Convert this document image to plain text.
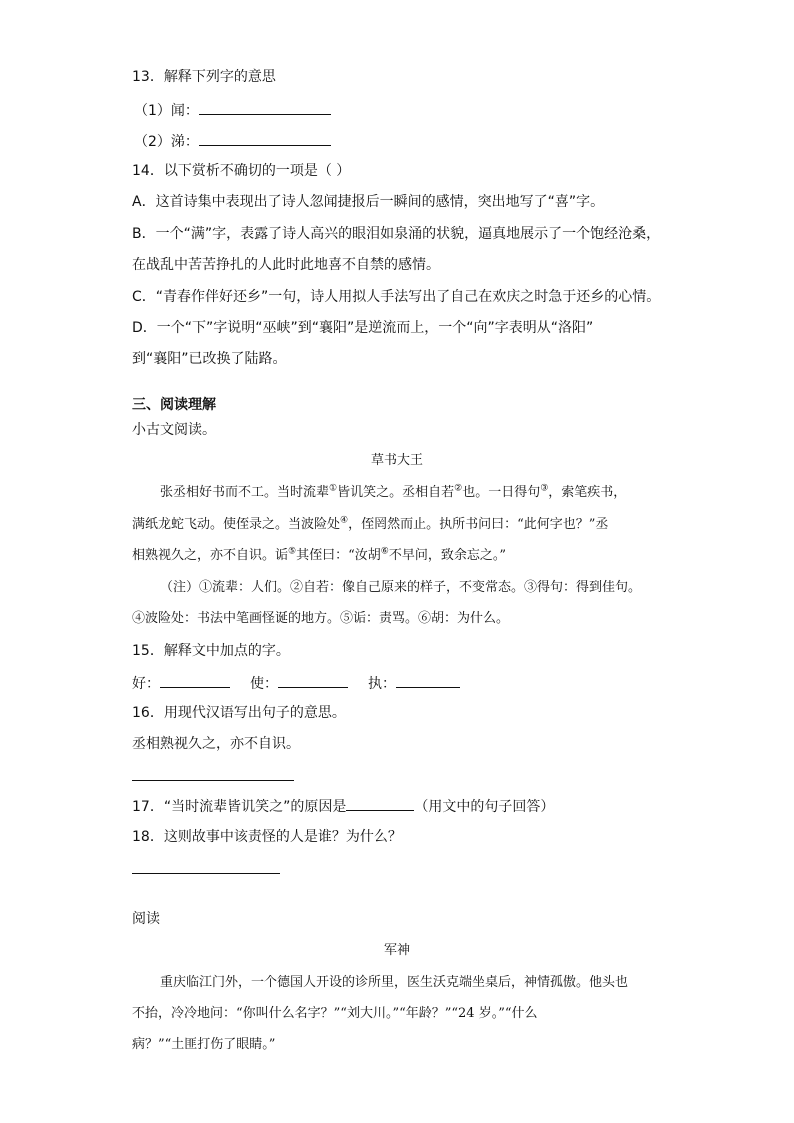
13．解释下列字的意思
（1）闻：
（2）涕：
14．以下赏析不确切的一项是（ ）
A．这首诗集中表现出了诗人忽闻捷报后一瞬间的感情，突出地写了“喜”字。
B．一个“满”字，表露了诗人高兴的眼泪如泉涌的状貌，逼真地展示了一个饱经沧桑，
在战乱中苦苦挣扎的人此时此地喜不自禁的感情。
C．“青春作伴好还乡”一句，诗人用拟人手法写出了自己在欢庆之时急于还乡的心情。
D．一个“下”字说明“巫峡”到“襄阳”是逆流而上，一个“向”字表明从“洛阳”
到“襄阳”已改换了陆路。
三、阅读理解
小古文阅读。
草书大王
张丞相好书而不工。当时流辈①皆讥笑之。丞相自若②也。一日得句③，索笔疾书，
满纸龙蛇飞动。使侄录之。当波险处④，侄罔然而止。执所书问曰：“此何字也？”丞
相熟视久之，亦不自识。诟⑤其侄曰：“汝胡⑥不早问，致余忘之。”
（注）①流辈：人们。②自若：像自己原来的样子，不变常态。③得句：得到佳句。
④波险处：书法中笔画怪诞的地方。⑤诟：责骂。⑥胡：为什么。
15．解释文中加点的字。
好：	使：	执：
16．用现代汉语写出句子的意思。
丞相熟视久之，亦不自识。
17．“当时流辈皆讥笑之”的原因是	（用文中的句子回答）
18．这则故事中该责怪的人是谁？为什么？
阅读
军神
重庆临江门外，一个德国人开设的诊所里，医生沃克端坐桌后，神情孤傲。他头也
不抬，冷冷地问：“你叫什么名字？”“刘大川。”“年龄？”“24 岁。”“什么
病？”“土匪打伤了眼睛。”
